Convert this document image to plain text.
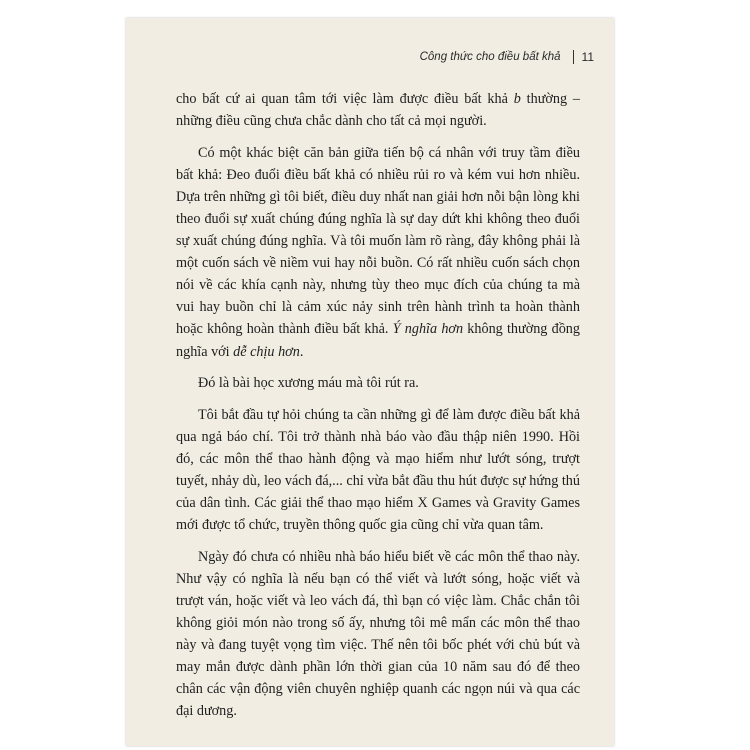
Công thức cho điều bất khả 11

cho bất cứ ai quan tâm tới việc làm được điều bất khả b thường – những điều cũng chưa chắc dành cho tất cả mọi người.

Có một khác biệt căn bản giữa tiến bộ cá nhân với truy tầm điều bất khả: Đeo đuổi điều bất khả có nhiều rủi ro và kém vui hơn nhiều. Dựa trên những gì tôi biết, điều duy nhất nan giải hơn nỗi bận lòng khi theo đuổi sự xuất chúng đúng nghĩa là sự day dứt khi không theo đuổi sự xuất chúng đúng nghĩa. Và tôi muốn làm rõ ràng, đây không phải là một cuốn sách về niềm vui hay nỗi buồn. Có rất nhiều cuốn sách chọn nói về các khía cạnh này, nhưng tùy theo mục đích của chúng ta mà vui hay buồn chỉ là cảm xúc nảy sinh trên hành trình ta hoàn thành hoặc không hoàn thành điều bất khả. Ý nghĩa hơn không thường đồng nghĩa với dễ chịu hơn.

Đó là bài học xương máu mà tôi rút ra.

Tôi bắt đầu tự hỏi chúng ta cần những gì để làm được điều bất khả qua ngả báo chí. Tôi trở thành nhà báo vào đầu thập niên 1990. Hồi đó, các môn thể thao hành động và mạo hiểm như lướt sóng, trượt tuyết, nhảy dù, leo vách đá,... chỉ vừa bắt đầu thu hút được sự hứng thú của dân tình. Các giải thể thao mạo hiểm X Games và Gravity Games mới được tổ chức, truyền thông quốc gia cũng chỉ vừa quan tâm.

Ngày đó chưa có nhiều nhà báo hiểu biết về các môn thể thao này. Như vậy có nghĩa là nếu bạn có thể viết và lướt sóng, hoặc viết và trượt ván, hoặc viết và leo vách đá, thì bạn có việc làm. Chắc chắn tôi không giỏi món nào trong số ấy, nhưng tôi mê mẩn các môn thể thao này và đang tuyệt vọng tìm việc. Thế nên tôi bốc phét với chủ bút và may mắn được dành phần lớn thời gian của 10 năm sau đó để theo chân các vận động viên chuyên nghiệp quanh các ngọn núi và qua các đại dương.
